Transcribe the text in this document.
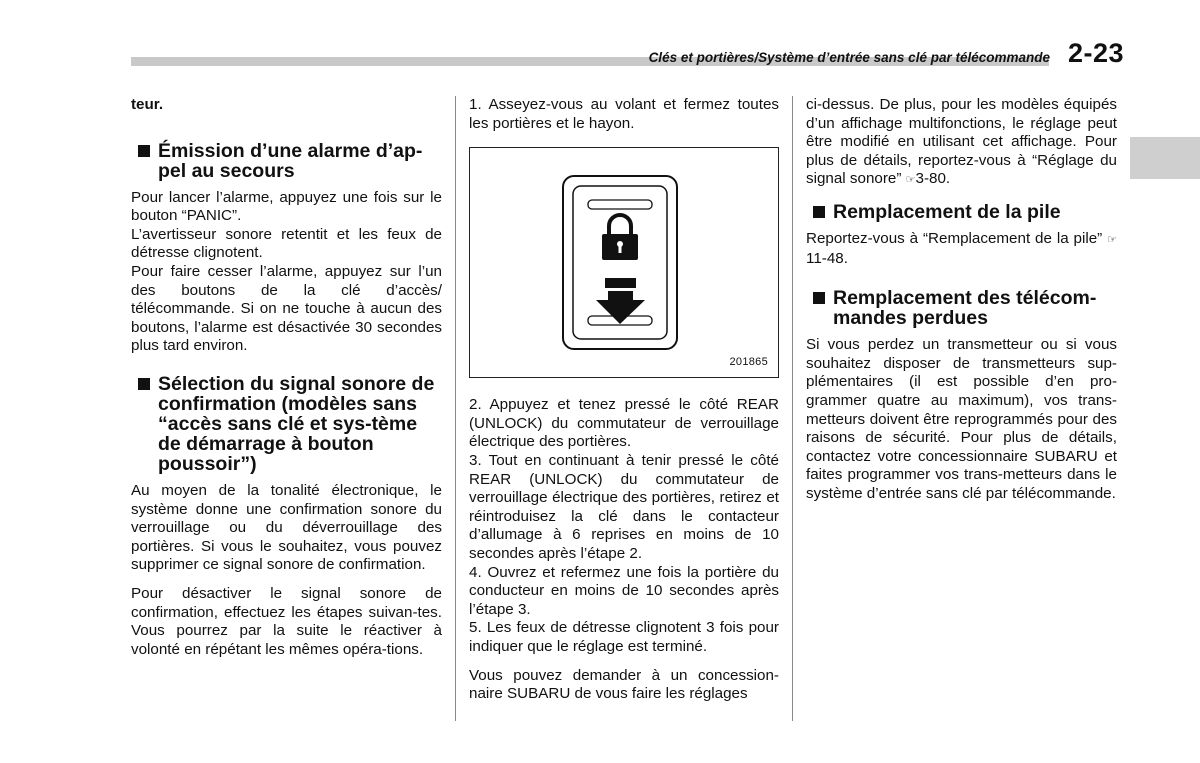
Clés et portières/Système d’entrée sans clé par télécommande 2-23

teur.

Émission d’une alarme d’ap-pel au secours

Pour lancer l’alarme, appuyez une fois sur le bouton “PANIC”.

L’avertisseur sonore retentit et les feux de détresse clignotent.

Pour faire cesser l’alarme, appuyez sur l’un des boutons de la clé d’accès/ télécommande. Si on ne touche à aucun des boutons, l’alarme est désactivée 30 secondes plus tard environ.

Sélection du signal sonore de confirmation (modèles sans “accès sans clé et sys-tème de démarrage à bouton poussoir”)

Au moyen de la tonalité électronique, le système donne une confirmation sonore du verrouillage ou du déverrouillage des portières. Si vous le souhaitez, vous pouvez supprimer ce signal sonore de confirmation.

Pour désactiver le signal sonore de confirmation, effectuez les étapes suivan-tes. Vous pourrez par la suite le réactiver à volonté en répétant les mêmes opéra-tions.

1. Asseyez-vous au volant et fermez toutes les portières et le hayon.

201865

2. Appuyez et tenez pressé le côté REAR (UNLOCK) du commutateur de verrouillage électrique des portières.

3. Tout en continuant à tenir pressé le côté REAR (UNLOCK) du commutateur de verrouillage électrique des portières, retirez et réintroduisez la clé dans le contacteur d’allumage à 6 reprises en moins de 10 secondes après l’étape 2.

4. Ouvrez et refermez une fois la portière du conducteur en moins de 10 secondes après l’étape 3.

5. Les feux de détresse clignotent 3 fois pour indiquer que le réglage est terminé.

Vous pouvez demander à un concession-naire SUBARU de vous faire les réglages

ci-dessus. De plus, pour les modèles équipés d’un affichage multifonctions, le réglage peut être modifié en utilisant cet affichage. Pour plus de détails, reportez-vous à “Réglage du signal sonore” ☞3-80.

Remplacement de la pile

Reportez-vous à “Remplacement de la pile” ☞11-48.

Remplacement des télécom-mandes perdues

Si vous perdez un transmetteur ou si vous souhaitez disposer de transmetteurs sup-plémentaires (il est possible d’en pro-grammer quatre au maximum), vos trans-metteurs doivent être reprogrammés pour des raisons de sécurité. Pour plus de détails, contactez votre concessionnaire SUBARU et faites programmer vos trans-metteurs dans le système d’entrée sans clé par télécommande.
